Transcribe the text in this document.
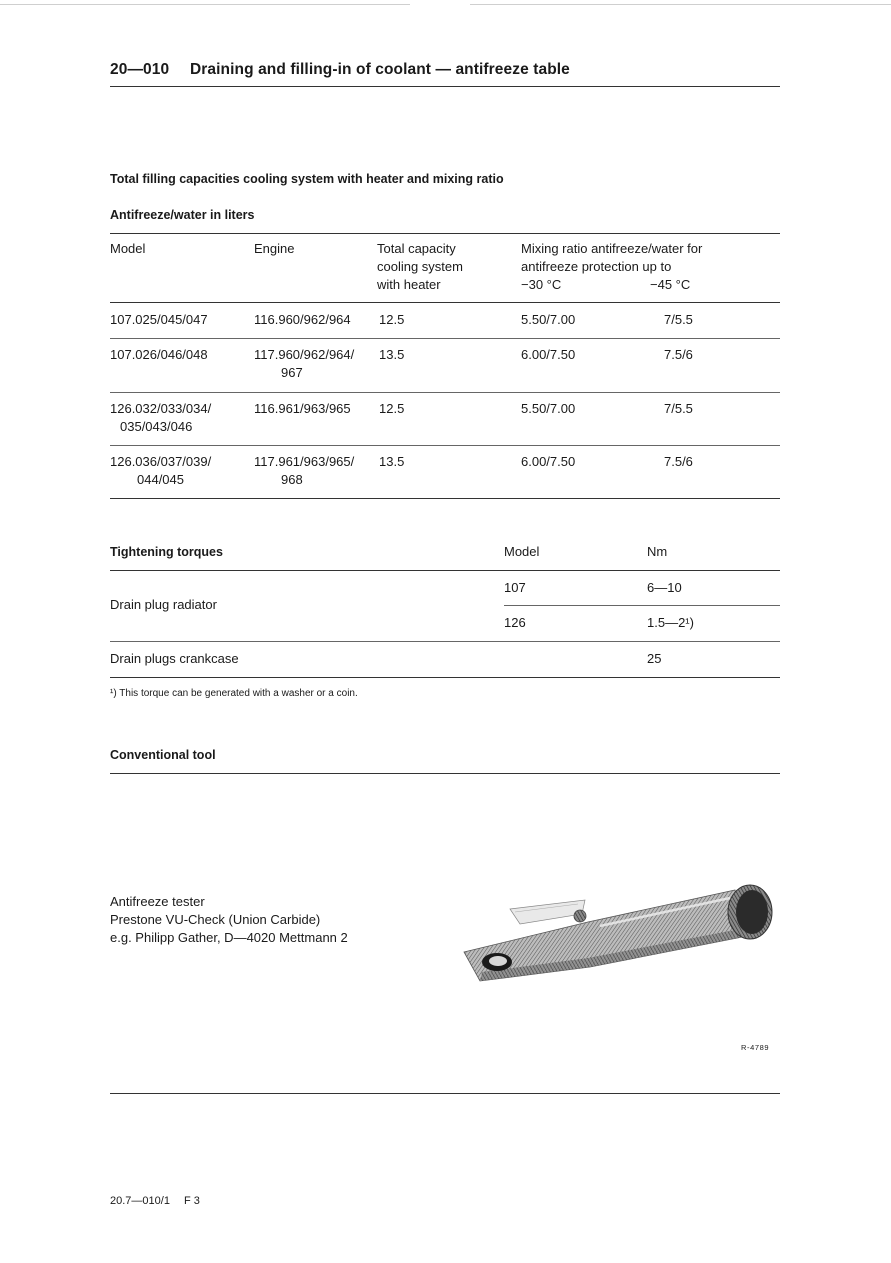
20—010 Draining and filling-in of coolant — antifreeze table
Total filling capacities cooling system with heater and mixing ratio
Antifreeze/water in liters
Model	Engine	Total capacity
cooling system
with heater
Mixing ratio antifreeze/water for
antifreeze protection up to
−30 °C	−45 °C
107.025/045/047	116.960/962/964 12.5	5.50/7.00	7/5.5
107.026/046/048	117.960/962/964/
967
13.5	6.00/7.50	7.5/6
126.032/033/034/
035/043/046
116.961/963/965 12.5	5.50/7.00	7/5.5
126.036/037/039/
044/045
117.961/963/965/
968
13.5	6.00/7.50	7.5/6
Tightening torques	Model	Nm
107	6—10
Drain plug radiator
126	1.5—2¹)
Drain plugs crankcase	25
¹) This torque can be generated with a washer or a coin.
Conventional tool
Antifreeze tester
Prestone VU-Check (Union Carbide)
e.g. Philipp Gather, D—4020 Mettmann 2
R-4789
20.7—010/1 F 3
